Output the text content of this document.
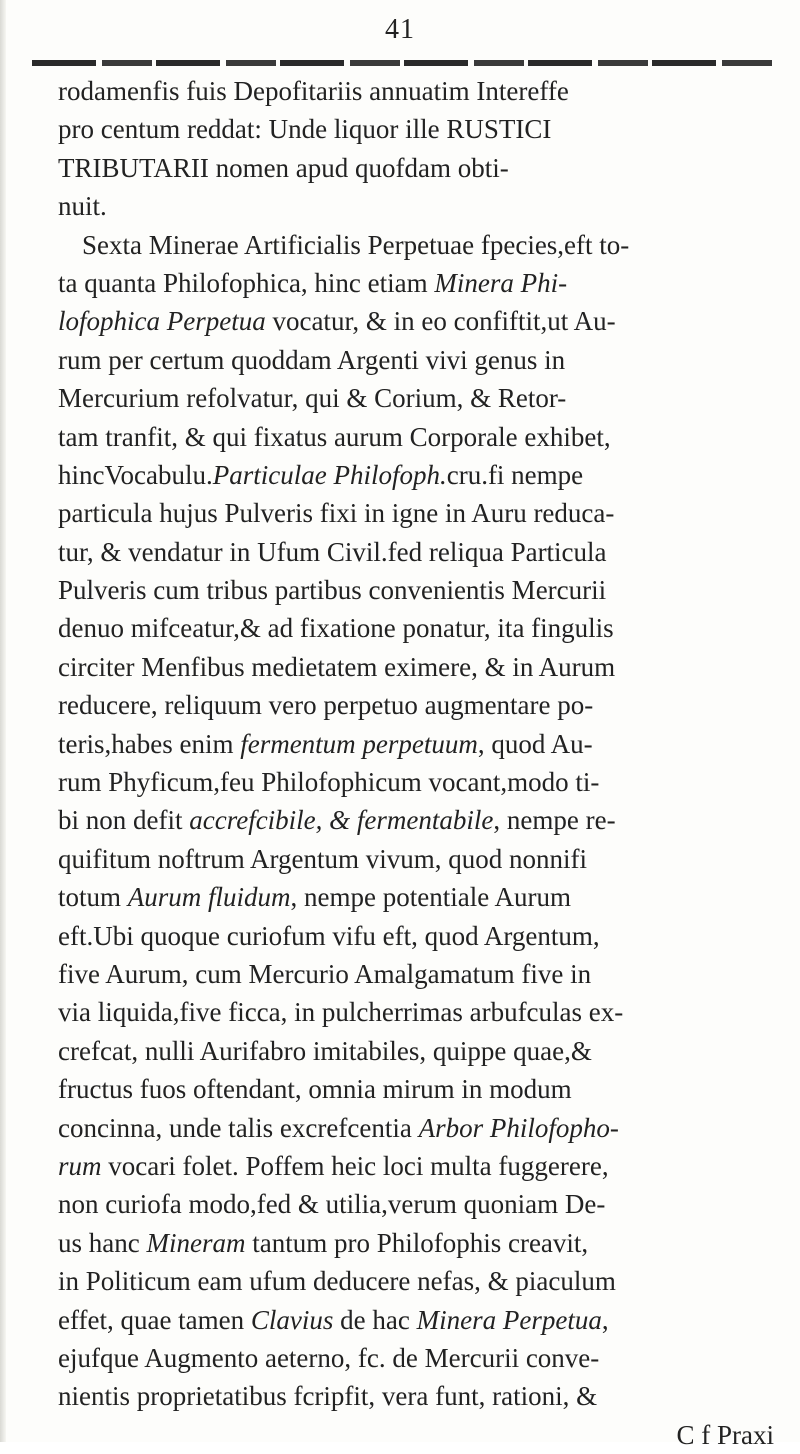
41
rodamenfis fuis Depofitariis annuatim Intereffe
pro centum reddat: Unde liquor ille RUSTICI
TRIBUTARII nomen apud quofdam obti-
nuit.
Sexta Minerae Artificialis Perpetuae fpecies,eft to-
ta quanta Philofophica, hinc etiam Minera Phi-
lofophica Perpetua vocatur, & in eo confiftit,ut Au-
rum per certum quoddam Argenti vivi genus in
Mercurium refolvatur, qui & Corium, & Retor-
tam tranfit, & qui fixatus aurum Corporale exhibet,
hincVocabulu.Particulae Philofoph.cru.fi nempe
particula hujus Pulveris fixi in igne in Auru reduca-
tur, & vendatur in Ufum Civil.fed reliqua Particula
Pulveris cum tribus partibus convenientis Mercurii
denuo mifceatur,& ad fixatione ponatur, ita fingulis
circiter Menfibus medietatem eximere, & in Aurum
reducere, reliquum vero perpetuo augmentare po-
teris,habes enim fermentum perpetuum, quod Au-
rum Phyficum,feu Philofophicum vocant,modo ti-
bi non defit accrefcibile, & fermentabile, nempe re-
quifitum noftrum Argentum vivum, quod nonnifi
totum Aurum fluidum, nempe potentiale Aurum
eft.Ubi quoque curiofum vifu eft, quod Argentum,
five Aurum, cum Mercurio Amalgamatum five in
via liquida,five ficca, in pulcherrimas arbufculas ex-
crefcat, nulli Aurifabro imitabiles, quippe quae,&
fructus fuos oftendant, omnia mirum in modum
concinna, unde talis excrefcentia Arbor Philofopho-
rum vocari folet. Poffem heic loci multa fuggerere,
non curiofa modo,fed & utilia,verum quoniam De-
us hanc Mineram tantum pro Philofophis creavit,
in Politicum eam ufum deducere nefas, & piaculum
effet, quae tamen Clavius de hac Minera Perpetua,
ejufque Augmento aeterno, fc. de Mercurii conve-
nientis proprietatibus fcripfit, vera funt, rationi, &
C f Praxi
